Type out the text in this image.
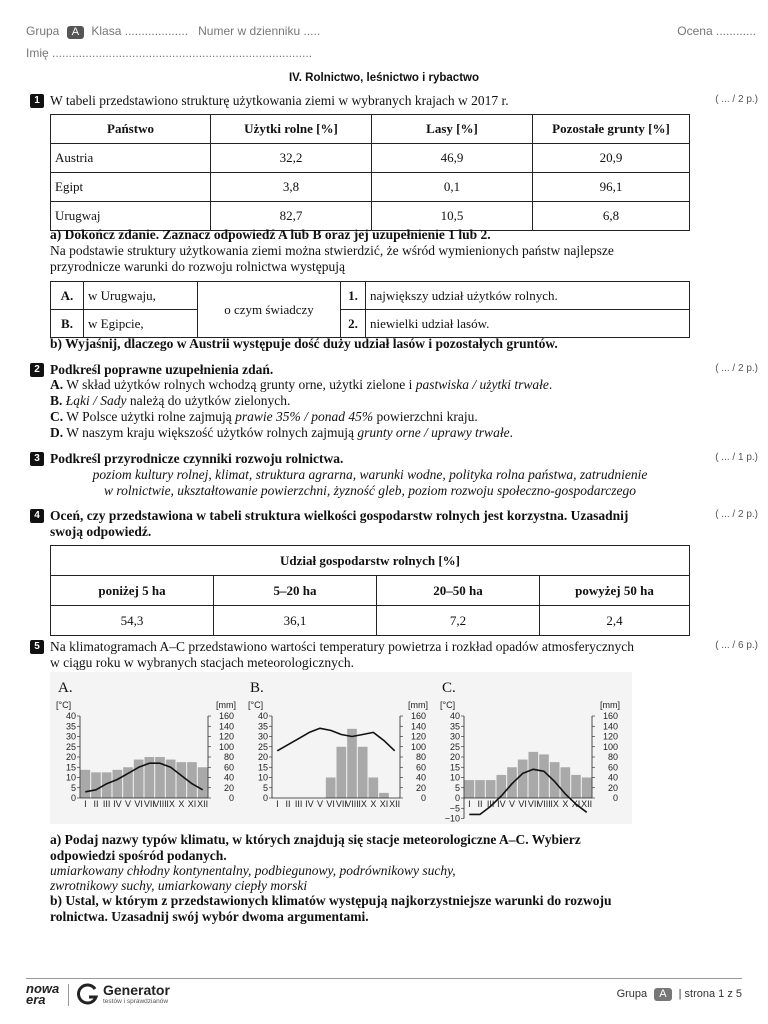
Grupa A Klasa ................... Numer w dzienniku .....	Ocena ............
Imię ..............................................................................
IV. Rolnictwo, leśnictwo i rybactwo
1 W tabeli przedstawiono strukturę użytkowania ziemi w wybranych krajach w 2017 r.	( ... / 2 p.)
Państwo	Użytki rolne [%]	Lasy [%]	Pozostałe grunty [%]
Austria	32,2	46,9	20,9
Egipt	3,8	0,1	96,1
Urugwaj	82,7	10,5	6,8
a) Dokończ zdanie. Zaznacz odpowiedź A lub B oraz jej uzupełnienie 1 lub 2.
Na podstawie struktury użytkowania ziemi można stwierdzić, że wśród wymienionych państw najlepsze
przyrodnicze warunki do rozwoju rolnictwa występują
A.	w Urugwaju,	o czym świadczy	1.	największy udział użytków rolnych.
B.	w Egipcie,		2.	niewielki udział lasów.
b) Wyjaśnij, dlaczego w Austrii występuje dość duży udział lasów i pozostałych gruntów.
2	( ... / 2 p.)
Podkreśl poprawne uzupełnienia zdań.
A. W skład użytków rolnych wchodzą grunty orne, użytki zielone i pastwiska / użytki trwałe.
B. Łąki / Sady należą do użytków zielonych.
C. W Polsce użytki rolne zajmują prawie 35% / ponad 45% powierzchni kraju.
D. W naszym kraju większość użytków rolnych zajmują grunty orne / uprawy trwałe.
3	( ... / 1 p.)
Podkreśl przyrodnicze czynniki rozwoju rolnictwa.
poziom kultury rolnej, klimat, struktura agrarna, warunki wodne, polityka rolna państwa, zatrudnienie
w rolnictwie, ukształtowanie powierzchni, żyzność gleb, poziom rozwoju społeczno-gospodarczego
4	( ... / 2 p.)
Oceń, czy przedstawiona w tabeli struktura wielkości gospodarstw rolnych jest korzystna. Uzasadnij
swoją odpowiedź.
Udział gospodarstw rolnych [%]			
poniżej 5 ha	5–20 ha	20–50 ha	powyżej 50 ha
54,3	36,1	7,2	2,4
5	( ... / 6 p.)
Na klimatogramach A–C przedstawiono wartości temperatury powietrza i rozkład opadów atmosferycznych
w ciągu roku w wybranych stacjach meteorologicznych.
A.
[°C]	[mm]
40
35
30
25
20
15
10
5
0
160
140
120
100
80
60
40
20
0
I II III IV V VI VII
VIII IX X XI XII
B.
[°C]	[mm]
40
35
30
25
20
15
10
5
0
160
140
120
100
80
60
40
20
0
I II III IV V VI VII
VIII IX X XI XII
C.
[°C]	[mm]
40
35
30
25
20
15
10
5
0
−5
−10
160
140
120
100
80
60
40
20
0
I II III IV V VI VII
VIII IX X XI XII
a) Podaj nazwy typów klimatu, w których znajdują się stacje meteorologiczne A–C. Wybierz
odpowiedzi spośród podanych.
umiarkowany chłodny kontynentalny, podbiegunowy, podrównikowy suchy,
zwrotnikowy suchy, umiarkowany ciepły morski
b) Ustal, w którym z przedstawionych klimatów występują najkorzystniejsze warunki do rozwoju
rolnictwa. Uzasadnij swój wybór dwoma argumentami.
nowa era
Generator
testów i sprawdzianów
Grupa A | strona 1 z 5
